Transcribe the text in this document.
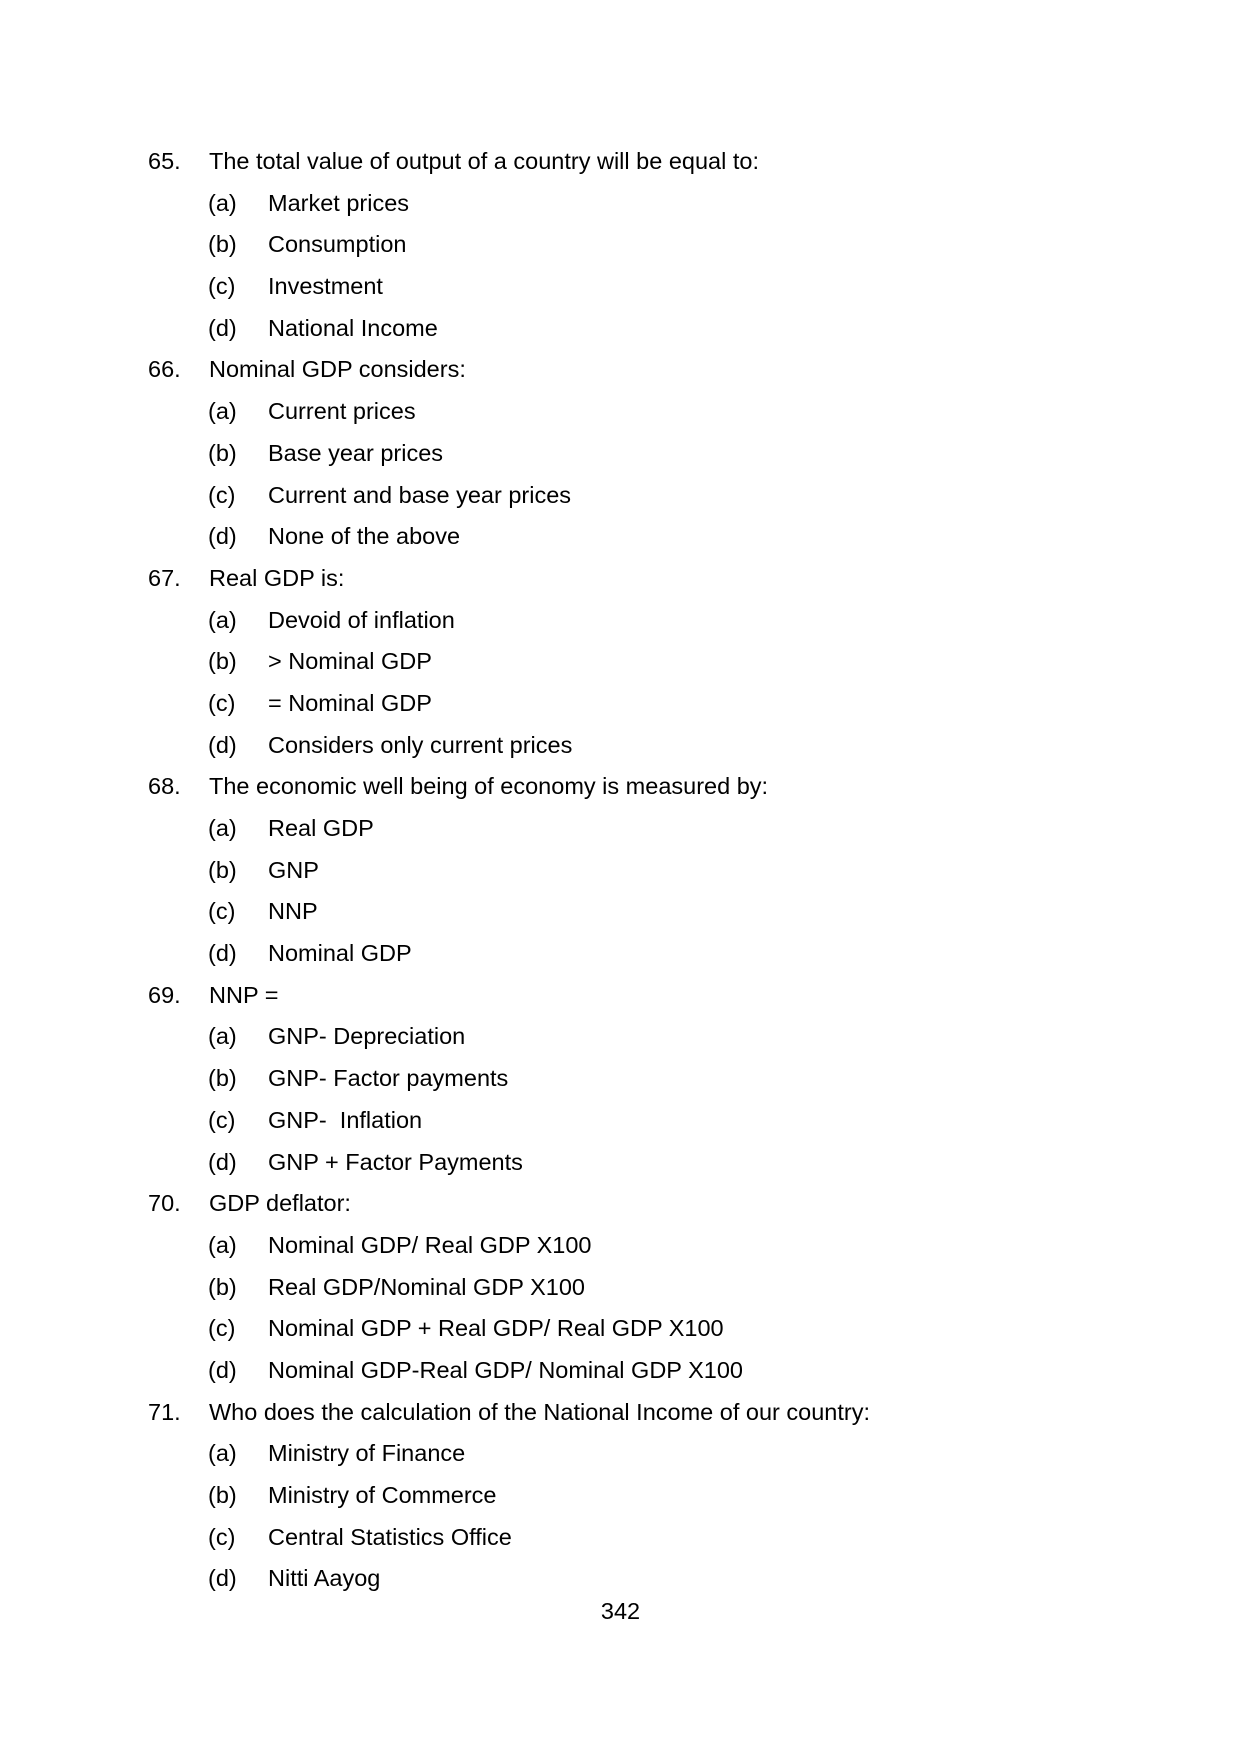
65.	The total value of output of a country will be equal to:
(a)	Market prices
(b)	Consumption
(c)	Investment
(d)	National Income
66.	Nominal GDP considers:
(a)	Current prices
(b)	Base year prices
(c)	Current and base year prices
(d)	None of the above
67.	Real GDP is:
(a)	Devoid of inflation
(b)	> Nominal GDP
(c)	= Nominal GDP
(d)	Considers only current prices
68.	The economic well being of economy is measured by:
(a)	Real GDP
(b)	GNP
(c)	NNP
(d)	Nominal GDP
69.	NNP =
(a)	GNP- Depreciation
(b)	GNP- Factor payments
(c)	GNP-  Inflation
(d)	GNP + Factor Payments
70.	GDP deflator:
(a)	Nominal GDP/ Real GDP X100
(b)	Real GDP/Nominal GDP X100
(c)	Nominal GDP + Real GDP/ Real GDP X100
(d)	Nominal GDP-Real GDP/ Nominal GDP X100
71.	Who does the calculation of the National Income of our country:
(a)	Ministry of Finance
(b)	Ministry of Commerce
(c)	Central Statistics Office
(d)	Nitti Aayog
342
